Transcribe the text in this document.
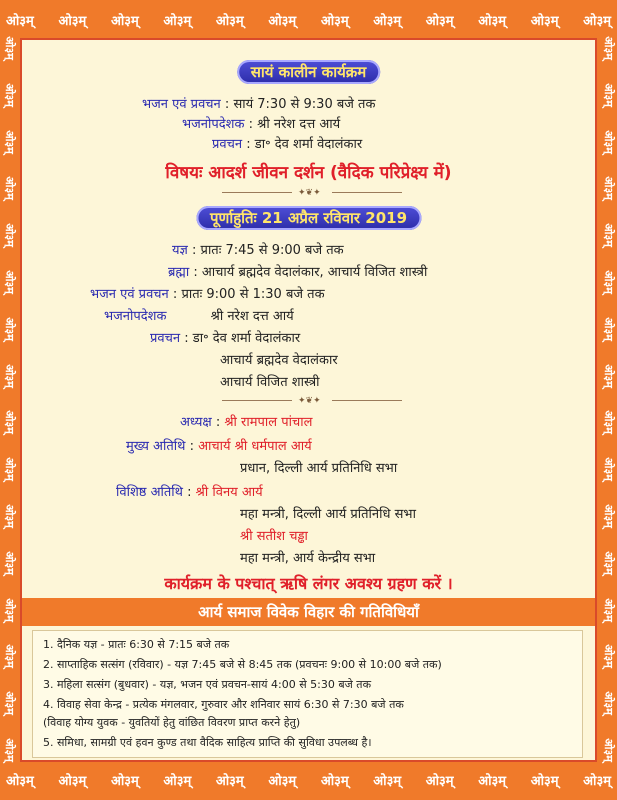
ओ३म् ओ३म् ओ३म् ओ३म् ओ३म् ओ३म् ओ३म् ओ३म् ओ३म् ओ३म् ओ३म् ओ३म्
ओ३म् ओ३म् ओ३म् ओ३म् ओ३म् ओ३म् ओ३म् ओ३म् ओ३म् ओ३म् ओ३म् ओ३म्
ओ३म्
ओ३म्
ओ३म्
ओ३म्
ओ३म्
ओ३म्
ओ३म्
ओ३म्
ओ३म्
ओ३म्
ओ३म्
ओ३म्
ओ३म्
ओ३म्
ओ३म्
ओ३म्
ओ३म्
ओ३म्
ओ३म्
ओ३म्
ओ३म्
ओ३म्
ओ३म्
ओ३म्
ओ३म्
ओ३म्
ओ३म्
ओ३म्
ओ३म्
ओ३म्
ओ३म्
ओ३म्
सायं कालीन कार्यक्रम
भजन एवं प्रवचन : सायं 7:30 से 9:30 बजे तक
भजनोपदेशक : श्री नरेश दत्त आर्य
प्रवचन : डा॰ देव शर्मा वेदालंकार
विषयः आदर्श जीवन दर्शन (वैदिक परिप्रेक्ष्य में)
✦❦✦
पूर्णाहुतिः 21 अप्रैल रविवार 2019
यज्ञ : प्रातः 7:45 से 9:00 बजे तक
ब्रह्मा : आचार्य ब्रह्मदेव वेदालंकार, आचार्य विजित शास्त्री
भजन एवं प्रवचन : प्रातः 9:00 से 1:30 बजे तक
भजनोपदेशक	श्री नरेश दत्त आर्य
प्रवचन : डा॰ देव शर्मा वेदालंकार
आचार्य ब्रह्मदेव वेदालंकार
आचार्य विजित शास्त्री
✦❦✦
अध्यक्ष : श्री रामपाल पांचाल
मुख्य अतिथि : आचार्य श्री धर्मपाल आर्य
प्रधान, दिल्ली आर्य प्रतिनिधि सभा
विशिष्ठ अतिथि : श्री विनय आर्य
महा मन्त्री, दिल्ली आर्य प्रतिनिधि सभा
श्री सतीश चड्ढा
महा मन्त्री, आर्य केन्द्रीय सभा
कार्यक्रम के पश्चात् ऋषि लंगर अवश्य ग्रहण करें ।
आर्य समाज विवेक विहार की गतिविधियाँ
1. दैनिक यज्ञ - प्रातः 6:30 से 7:15 बजे तक
2. साप्ताहिक सत्संग (रविवार) - यज्ञ 7:45 बजे से 8:45 तक (प्रवचनः 9:00 से 10:00 बजे तक)
3. महिला सत्संग (बुधवार) - यज्ञ, भजन एवं प्रवचन-सायं 4:00 से 5:30 बजे तक
4. विवाह सेवा केन्द्र - प्रत्येक मंगलवार, गुरुवार और शनिवार सायं 6:30 से 7:30 बजे तक
(विवाह योग्य युवक - युवतियों हेतु वांछित विवरण प्राप्त करने हेतु)
5. समिधा, सामग्री एवं हवन कुण्ड तथा वैदिक साहित्य प्राप्ति की सुविधा उपलब्ध है।
